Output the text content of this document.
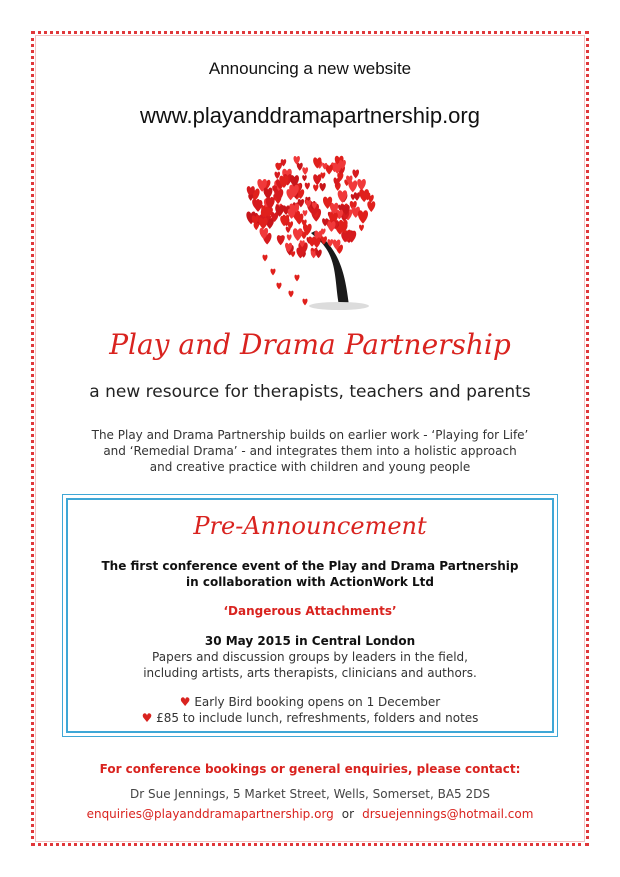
Announcing a new website
www.playanddramapartnership.org
Play and Drama Partnership
a new resource for therapists, teachers and parents
The Play and Drama Partnership builds on earlier work - ‘Playing for Life’
and ‘Remedial Drama’ - and integrates them into a holistic approach
and creative practice with children and young people
Pre-Announcement
The first conference event of the Play and Drama Partnership
in collaboration with ActionWork Ltd
‘Dangerous Attachments’
30 May 2015 in Central London
Papers and discussion groups by leaders in the field,
including artists, arts therapists, clinicians and authors.
♥ Early Bird booking opens on 1 December
♥ £85 to include lunch, refreshments, folders and notes
For conference bookings or general enquiries, please contact:
Dr Sue Jennings, 5 Market Street, Wells, Somerset, BA5 2DS
enquiries@playanddramapartnership.org or drsuejennings@hotmail.com
